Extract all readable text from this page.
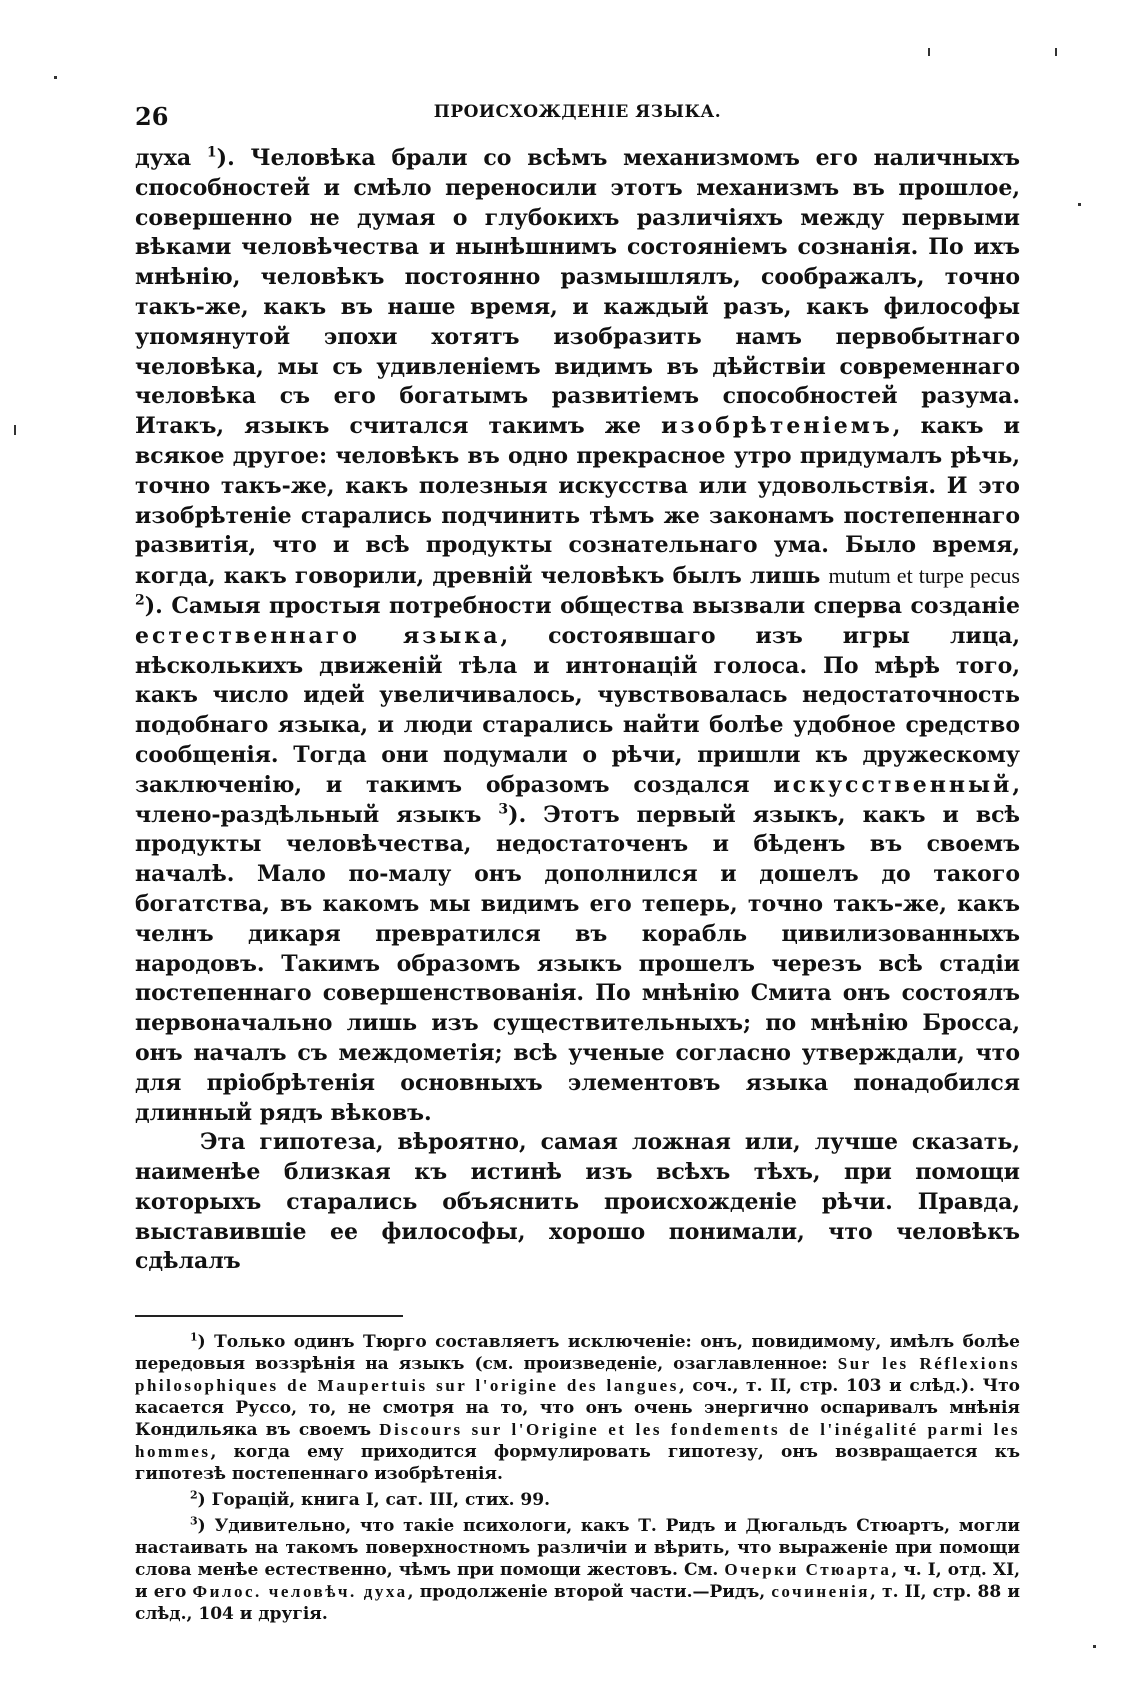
26	ПРОИСХОЖДЕНIЕ ЯЗЫКА.

духа $^1$). Человѣка брали со всѣмъ механизмомъ его наличныхъ способностей и смѣло переносили этотъ механизмъ въ прошлое, совершенно не думая о глубокихъ различiяхъ между первыми вѣками человѣчества и нынѣшнимъ состоянiемъ сознанiя. По ихъ мнѣнiю, человѣкъ постоянно размышлялъ, соображалъ, точно такъ-же, какъ въ наше время, и каждый разъ, какъ философы упомянутой эпохи хотятъ изобразить намъ первобытнаго человѣка, мы съ удивленiемъ видимъ въ дѣйствiи современнаго человѣка съ его богатымъ развитiемъ способностей разума. Итакъ, языкъ считался такимъ же изобрѣтенiемъ, какъ и всякое другое: человѣкъ въ одно прекрасное утро придумалъ рѣчь, точно такъ-же, какъ полезныя искусства или удовольствiя. И это изобрѣтенiе старались подчинить тѣмъ же законамъ постепеннаго развитiя, что и всѣ продукты сознательнаго ума. Было время, когда, какъ говорили, древнiй человѣкъ былъ лишь mutum et turpe pecus $^2$). Самыя простыя потребности общества вызвали сперва созданiе естественнаго языка, состоявшаго изъ игры лица, нѣсколькихъ движенiй тѣла и интонацiй голоса. По мѣрѣ того, какъ число идей увеличивалось, чувствовалась недостаточность подобнаго языка, и люди старались найти болѣе удобное средство сообщенiя. Тогда они подумали о рѣчи, пришли къ дружескому заключенiю, и такимъ образомъ создался искусственный, члено-раздѣльный языкъ $^3$). Этотъ первый языкъ, какъ и всѣ продукты человѣчества, недостаточенъ и бѣденъ въ своемъ началѣ. Мало по-малу онъ дополнился и дошелъ до такого богатства, въ какомъ мы видимъ его теперь, точно такъ-же, какъ челнъ дикаря превратился въ корабль цивилизованныхъ народовъ. Такимъ образомъ языкъ прошелъ черезъ всѣ стадiи постепеннаго совершенствованiя. По мнѣнiю Смита онъ состоялъ первоначально лишь изъ существительныхъ; по мнѣнiю Бросса, онъ началъ съ междометiя; всѣ ученые согласно утверждали, что для прiобрѣтенiя основныхъ элементовъ языка понадобился длинный рядъ вѣковъ.

Эта гипотеза, вѣроятно, самая ложная или, лучше сказать, наименѣе близкая къ истинѣ изъ всѣхъ тѣхъ, при помощи которыхъ старались объяснить происхожденiе рѣчи. Правда, выставившiе ее философы, хорошо понимали, что человѣкъ сдѣлалъ

$^1$) Только одинъ Тюрго составляетъ исключенiе: онъ, повидимому, имѣлъ болѣе передовыя воззрѣнiя на языкъ (см. произведенiе, озаглавленное: Sur les Réflexions philosophiques de Maupertuis sur l'origine des langues, соч., т. II, стр. 103 и слѣд.). Что касается Руссо, то, не смотря на то, что онъ очень энергично оспаривалъ мнѣнiя Кондильяка въ своемъ Discours sur l'Origine et les fondements de l'inégalité parmi les hommes, когда ему приходится формулировать гипотезу, онъ возвращается къ гипотезѣ постепеннаго изобрѣтенiя.

$^2$) Горацiй, книга I, сат. III, стих. 99.

$^3$) Удивительно, что такiе психологи, какъ Т. Ридъ и Дюгальдъ Стюартъ, могли настаивать на такомъ поверхностномъ различiи и вѣрить, что выраженiе при помощи слова менѣе естественно, чѣмъ при помощи жестовъ. См. Очерки Стюарта, ч. I, отд. XI, и его Филос. человѣч. духа, продолженiе второй части.—Ридъ, сочиненiя, т. II, стр. 88 и слѣд., 104 и другiя.
